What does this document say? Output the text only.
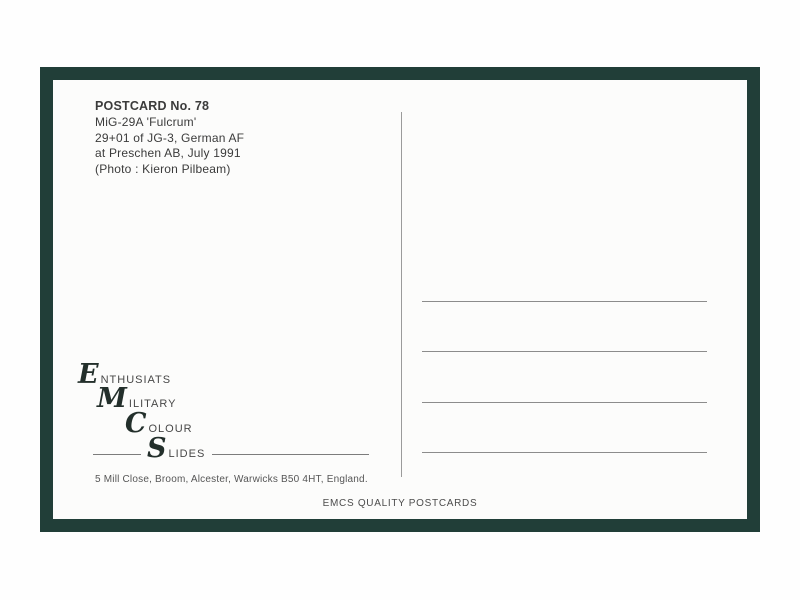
POSTCARD No. 78
MiG-29A 'Fulcrum'
29+01 of JG-3, German AF
at Preschen AB, July 1991
(Photo : Kieron Pilbeam)
E NTHUSIATS
M ILITARY
C OLOUR
S LIDES
5 Mill Close, Broom, Alcester, Warwicks B50 4HT, England.
EMCS QUALITY POSTCARDS
